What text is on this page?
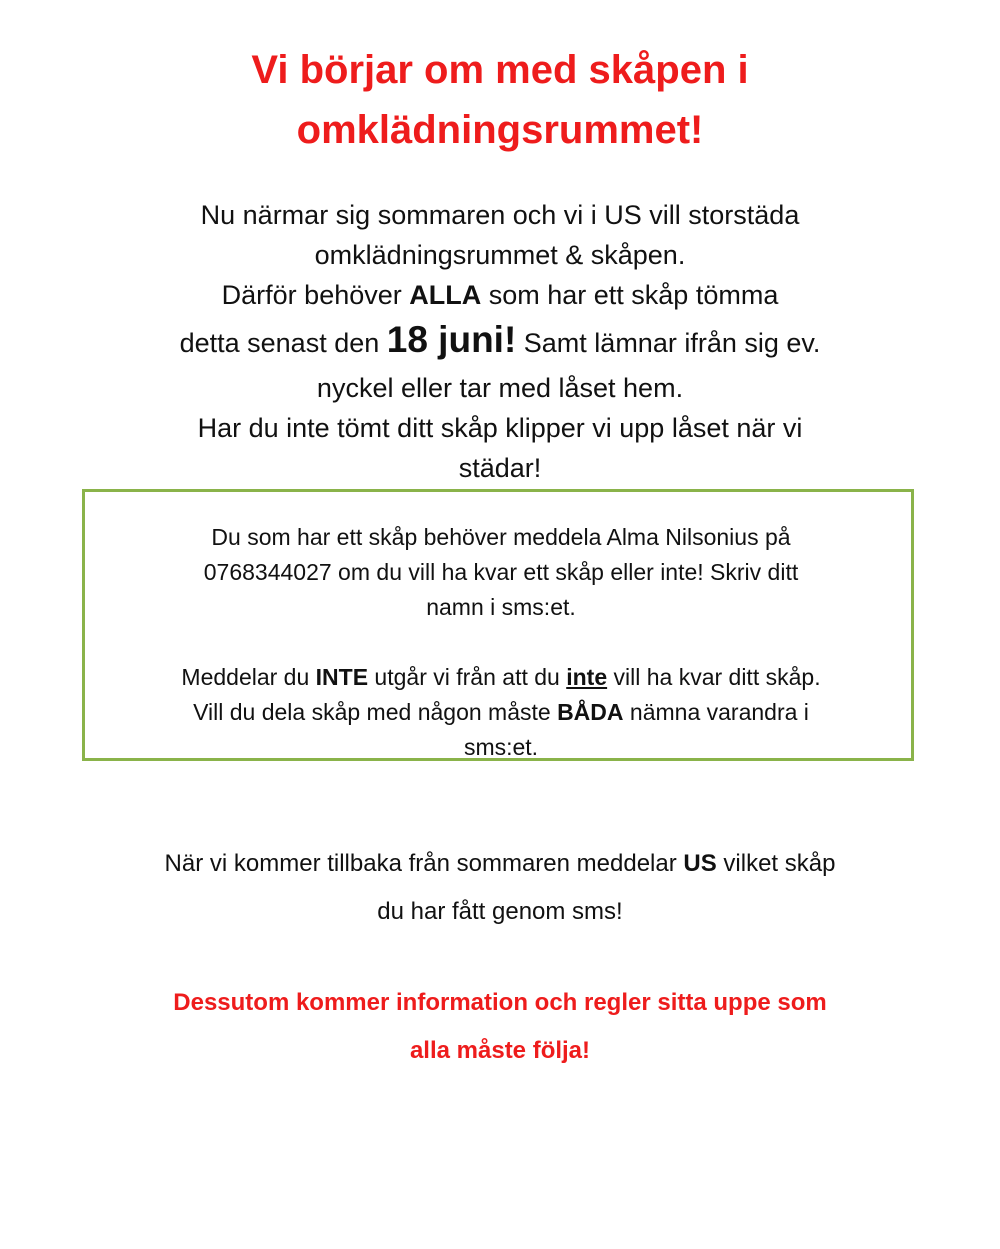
Vi börjar om med skåpen i
omklädningsrummet!
Nu närmar sig sommaren och vi i US vill storstäda
omklädningsrummet & skåpen.
Därför behöver ALLA som har ett skåp tömma
detta senast den 18 juni! Samt lämnar ifrån sig ev.
nyckel eller tar med låset hem.
Har du inte tömt ditt skåp klipper vi upp låset när vi
städar!
Du som har ett skåp behöver meddela Alma Nilsonius på
0768344027 om du vill ha kvar ett skåp eller inte! Skriv ditt
namn i sms:et.
Meddelar du INTE utgår vi från att du inte vill ha kvar ditt skåp.
Vill du dela skåp med någon måste BÅDA nämna varandra i
sms:et.
När vi kommer tillbaka från sommaren meddelar US vilket skåp
du har fått genom sms!
Dessutom kommer information och regler sitta uppe som
alla måste följa!
